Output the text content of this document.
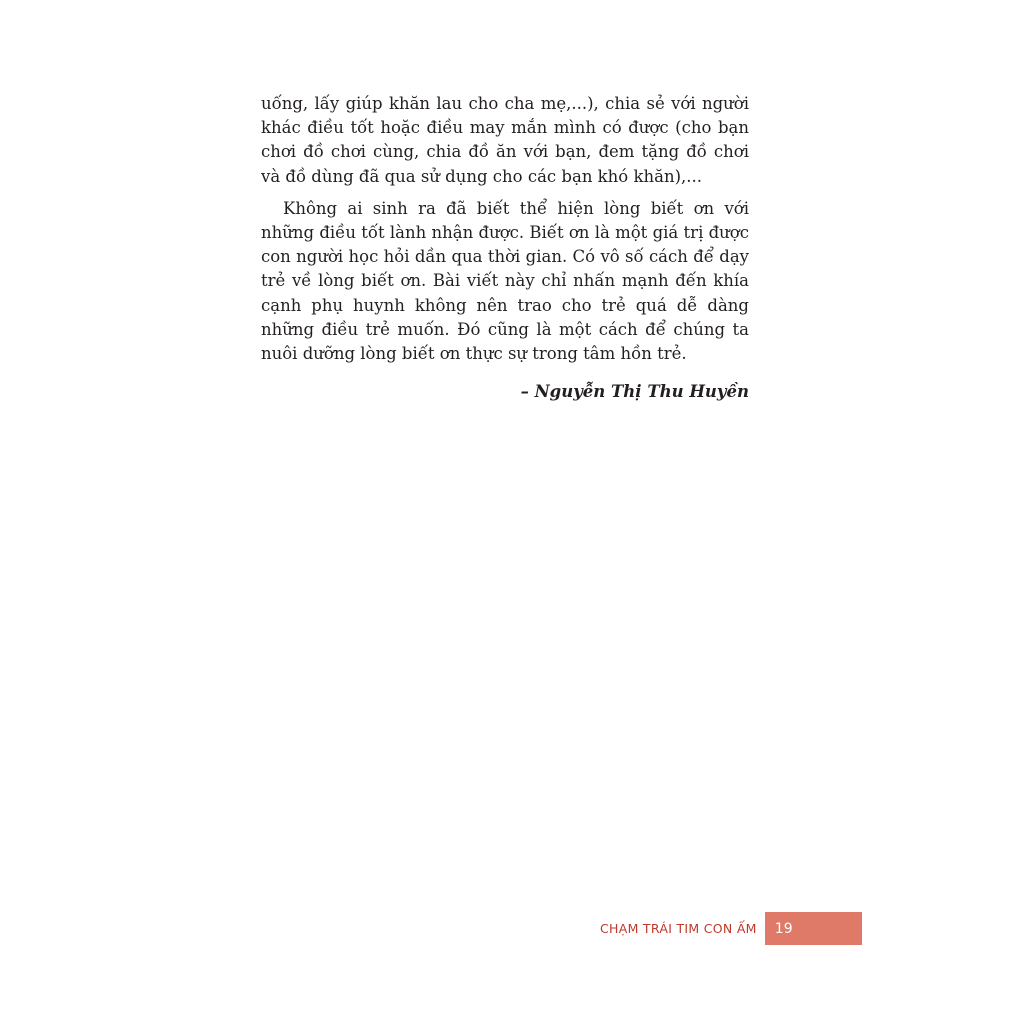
uống, lấy giúp khăn lau cho cha mẹ,...), chia sẻ với người khác điều tốt hoặc điều may mắn mình có được (cho bạn chơi đồ chơi cùng, chia đồ ăn với bạn, đem tặng đồ chơi và đồ dùng đã qua sử dụng cho các bạn khó khăn),...

Không ai sinh ra đã biết thể hiện lòng biết ơn với những điều tốt lành nhận được. Biết ơn là một giá trị được con người học hỏi dần qua thời gian. Có vô số cách để dạy trẻ về lòng biết ơn. Bài viết này chỉ nhấn mạnh đến khía cạnh phụ huynh không nên trao cho trẻ quá dễ dàng những điều trẻ muốn. Đó cũng là một cách để chúng ta nuôi dưỡng lòng biết ơn thực sự trong tâm hồn trẻ.

– Nguyễn Thị Thu Huyền
CHẠM TRÁI TIM CON ẤM 19
